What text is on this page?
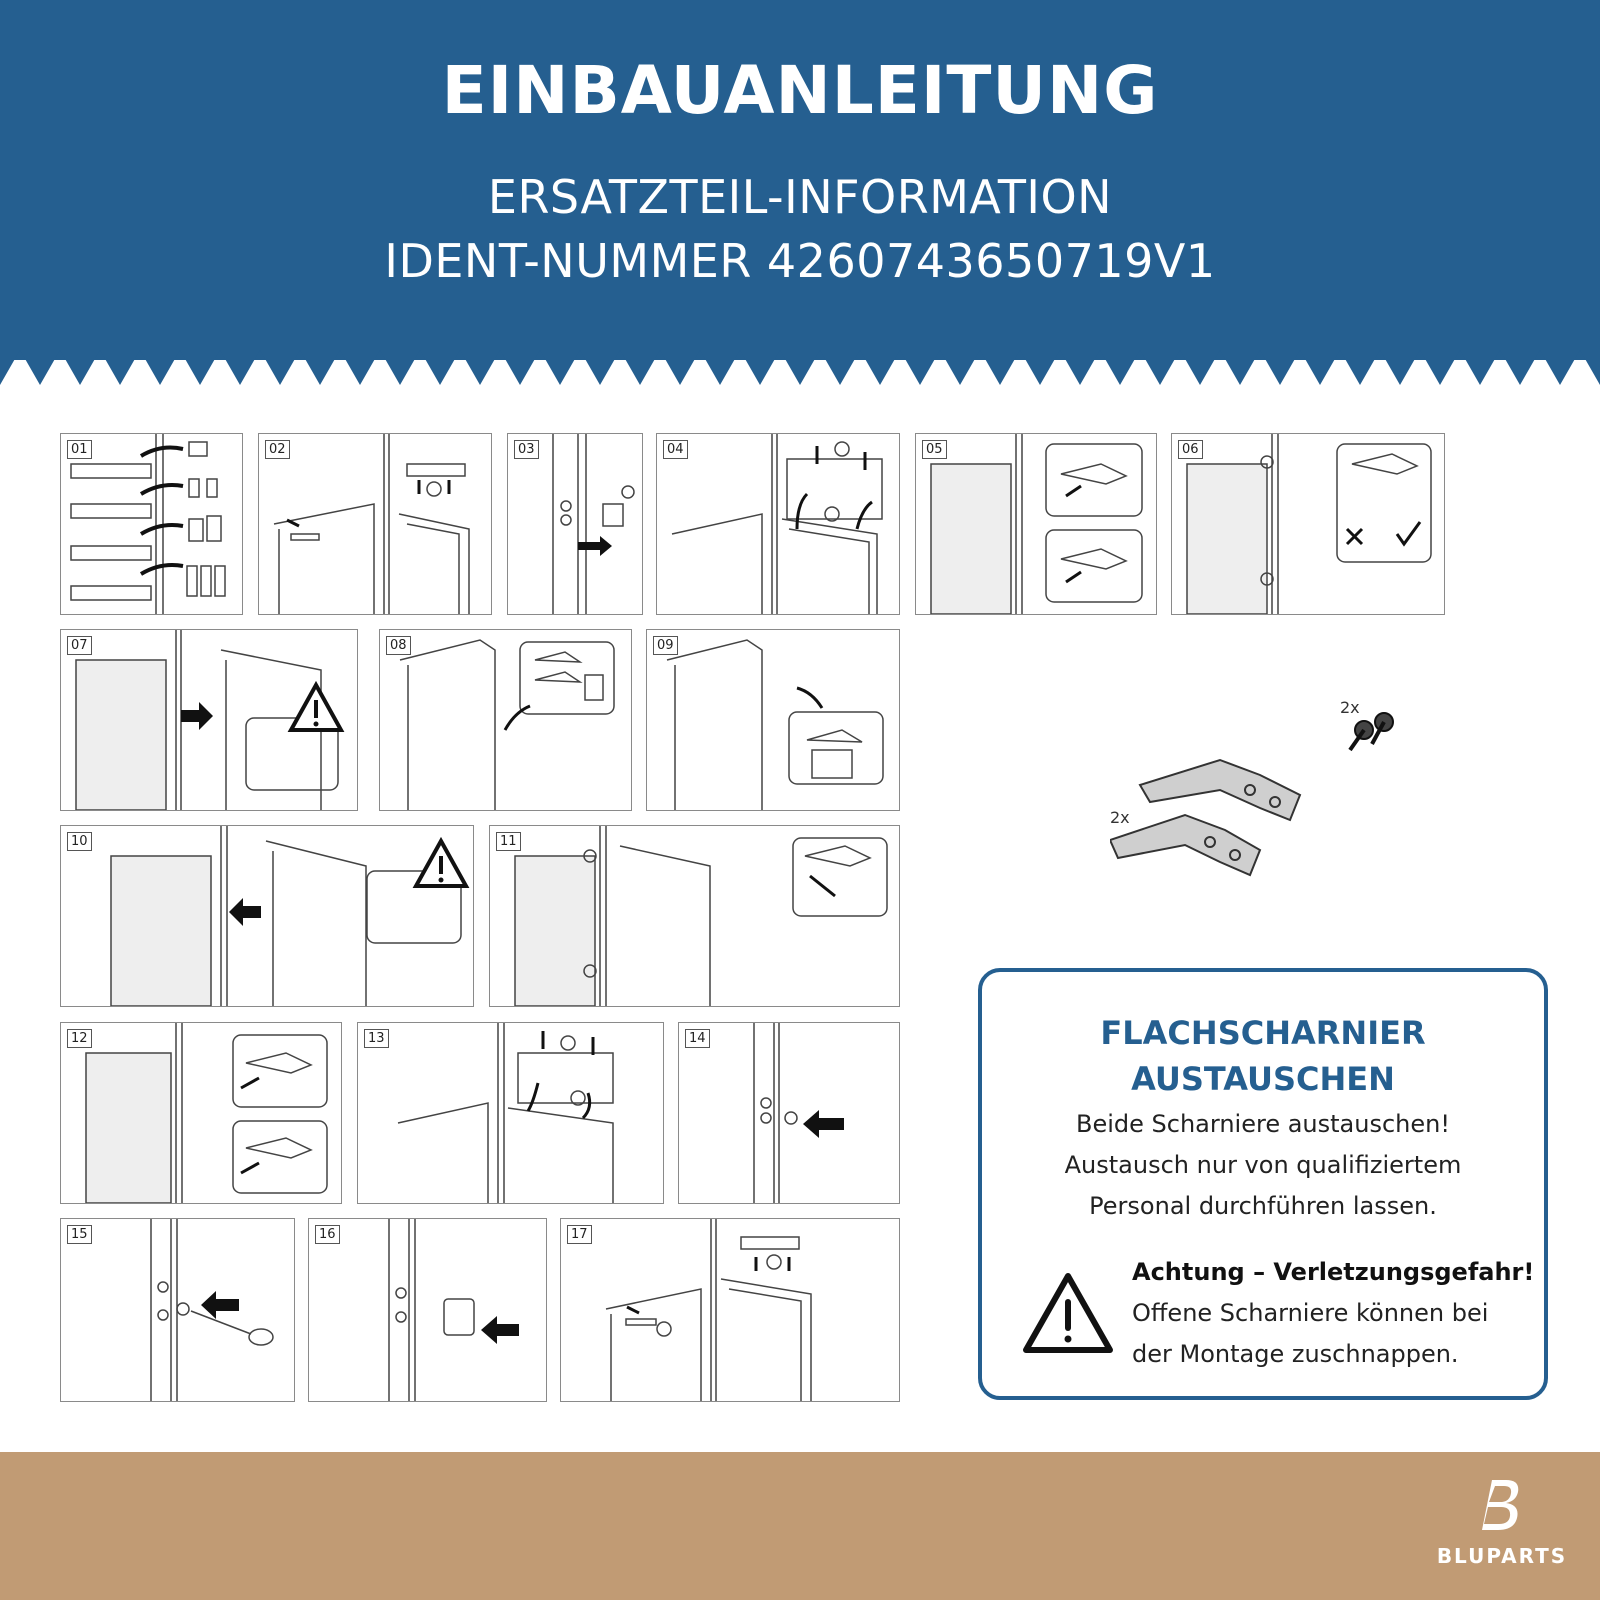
EINBAUANLEITUNG
ERSATZTEIL-INFORMATION
IDENT-NUMMER 4260743650719V1
01	02	03	04	05	06
07	08	09
10	11
12	13	14
15	16	17
2x
2x
FLACHSCHARNIER
AUSTAUSCHEN
Beide Scharniere austauschen!
Austausch nur von qualifiziertem
Personal durchführen lassen.
Achtung – Verletzungsgefahr!
Offene Scharniere können bei
der Montage zuschnappen.
BLUPARTS
